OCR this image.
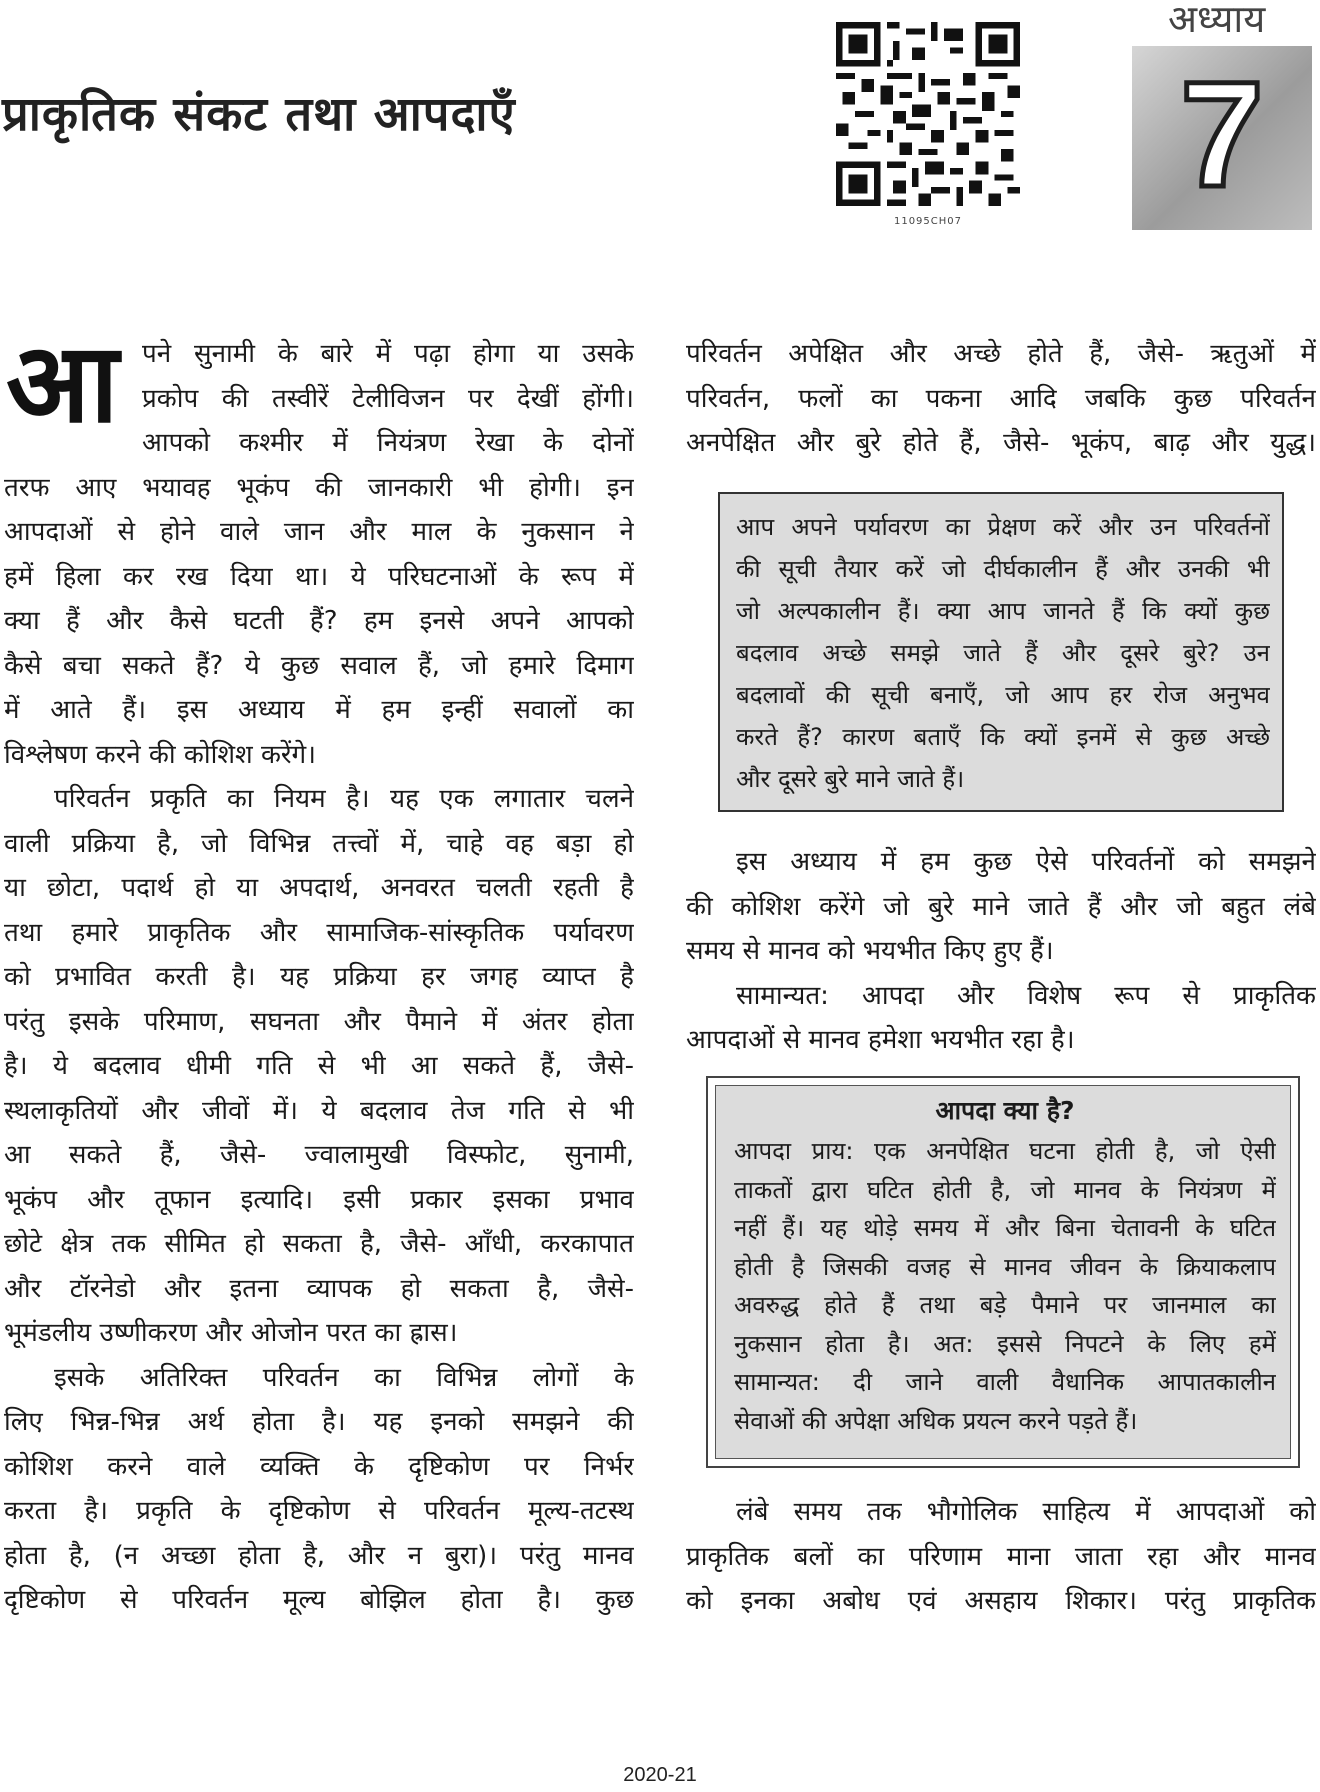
प्राकृतिक संकट तथा आपदाएँ
11095CH07
अध्याय
7
आ पने सुनामी के बारे में पढ़ा होगा या उसके

प्रकोप की तस्वीरें टेलीविजन पर देखीं होंगी।

आपको कश्मीर में नियंत्रण रेखा के दोनों

तरफ आए भयावह भूकंप की जानकारी भी होगी। इन

आपदाओं से होने वाले जान और माल के नुकसान ने

हमें हिला कर रख दिया था। ये परिघटनाओं के रूप में

क्या हैं और कैसे घटती हैं? हम इनसे अपने आपको

कैसे बचा सकते हैं? ये कुछ सवाल हैं, जो हमारे दिमाग

में आते हैं। इस अध्याय में हम इन्हीं सवालों का

विश्लेषण करने की कोशिश करेंगे।

परिवर्तन प्रकृति का नियम है। यह एक लगातार चलने

वाली प्रक्रिया है, जो विभिन्न तत्त्वों में, चाहे वह बड़ा हो

या छोटा, पदार्थ हो या अपदार्थ, अनवरत चलती रहती है

तथा हमारे प्राकृतिक और सामाजिक-सांस्कृतिक पर्यावरण

को प्रभावित करती है। यह प्रक्रिया हर जगह व्याप्त है

परंतु इसके परिमाण, सघनता और पैमाने में अंतर होता

है। ये बदलाव धीमी गति से भी आ सकते हैं, जैसे-

स्थलाकृतियों और जीवों में। ये बदलाव तेज गति से भी

आ सकते हैं, जैसे- ज्वालामुखी विस्फोट, सुनामी,

भूकंप और तूफान इत्यादि। इसी प्रकार इसका प्रभाव

छोटे क्षेत्र तक सीमित हो सकता है, जैसे- आँधी, करकापात

और टॉरनेडो और इतना व्यापक हो सकता है, जैसे-

भूमंडलीय उष्णीकरण और ओजोन परत का ह्रास।

इसके अतिरिक्त परिवर्तन का विभिन्न लोगों के

लिए भिन्न-भिन्न अर्थ होता है। यह इनको समझने की

कोशिश करने वाले व्यक्ति के दृष्टिकोण पर निर्भर

करता है। प्रकृति के दृष्टिकोण से परिवर्तन मूल्य-तटस्थ

होता है, (न अच्छा होता है, और न बुरा)। परंतु मानव

दृष्टिकोण से परिवर्तन मूल्य बोझिल होता है। कुछ

परिवर्तन अपेक्षित और अच्छे होते हैं, जैसे- ऋतुओं में

परिवर्तन, फलों का पकना आदि जबकि कुछ परिवर्तन

अनपेक्षित और बुरे होते हैं, जैसे- भूकंप, बाढ़ और युद्ध।

आप अपने पर्यावरण का प्रेक्षण करें और उन परिवर्तनों

की सूची तैयार करें जो दीर्घकालीन हैं और उनकी भी

जो अल्पकालीन हैं। क्या आप जानते हैं कि क्यों कुछ

बदलाव अच्छे समझे जाते हैं और दूसरे बुरे? उन

बदलावों की सूची बनाएँ, जो आप हर रोज अनुभव

करते हैं? कारण बताएँ कि क्यों इनमें से कुछ अच्छे

और दूसरे बुरे माने जाते हैं।

इस अध्याय में हम कुछ ऐसे परिवर्तनों को समझने

की कोशिश करेंगे जो बुरे माने जाते हैं और जो बहुत लंबे

समय से मानव को भयभीत किए हुए हैं।

सामान्यत: आपदा और विशेष रूप से प्राकृतिक

आपदाओं से मानव हमेशा भयभीत रहा है।

आपदा क्या है?

आपदा प्राय: एक अनपेक्षित घटना होती है, जो ऐसी

ताकतों द्वारा घटित होती है, जो मानव के नियंत्रण में

नहीं हैं। यह थोड़े समय में और बिना चेतावनी के घटित

होती है जिसकी वजह से मानव जीवन के क्रियाकलाप

अवरुद्ध होते हैं तथा बड़े पैमाने पर जानमाल का

नुकसान होता है। अत: इससे निपटने के लिए हमें

सामान्यत: दी जाने वाली वैधानिक आपातकालीन

सेवाओं की अपेक्षा अधिक प्रयत्न करने पड़ते हैं।

लंबे समय तक भौगोलिक साहित्य में आपदाओं को

प्राकृतिक बलों का परिणाम माना जाता रहा और मानव

को इनका अबोध एवं असहाय शिकार। परंतु प्राकृतिक

2020-21
